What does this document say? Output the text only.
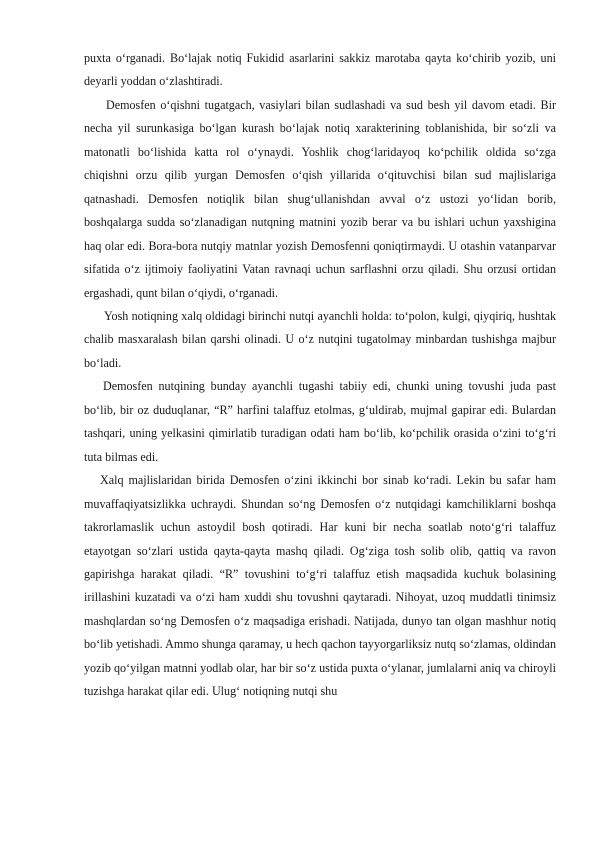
puxta o‘rganadi. Bo‘lajak notiq Fukidid asarlarini sakkiz marotaba qayta ko‘chirib yozib, uni deyarli yoddan o‘zlashtiradi.

Demosfen o‘qishni tugatgach, vasiylari bilan sudlashadi va sud besh yil davom etadi. Bir necha yil surunkasiga bo‘lgan kurash bo‘lajak notiq xarakterining toblanishida, bir so‘zli va matonatli bo‘lishida katta rol o‘ynaydi. Yoshlik chog‘laridayoq ko‘pchilik oldida so‘zga chiqishni orzu qilib yurgan Demosfen o‘qish yillarida o‘qituvchisi bilan sud majlislariga qatnashadi. Demosfen notiqlik bilan shug‘ullanishdan avval o‘z ustozi yo‘lidan borib, boshqalarga sudda so‘zlanadigan nutqning matnini yozib berar va bu ishlari uchun yaxshigina haq olar edi. Bora-bora nutqiy matnlar yozish Demosfenni qoniqtirmaydi. U otashin vatanparvar sifatida o‘z ijtimoiy faoliyatini Vatan ravnaqi uchun sarflashni orzu qiladi. Shu orzusi ortidan ergashadi, qunt bilan o‘qiydi, o‘rganadi.

Yosh notiqning xalq oldidagi birinchi nutqi ayanchli holda: to‘polon, kulgi, qiyqiriq, hushtak chalib masxaralash bilan qarshi olinadi. U o‘z nutqini tugatolmay minbardan tushishga majbur bo‘ladi.

Demosfen nutqining bunday ayanchli tugashi tabiiy edi, chunki uning tovushi juda past bo‘lib, bir oz duduqlanar, “R” harfini talaffuz etolmas, g‘uldirab, mujmal gapirar edi. Bulardan tashqari, uning yelkasini qimirlatib turadigan odati ham bo‘lib, ko‘pchilik orasida o‘zini to‘g‘ri tuta bilmas edi.

Xalq majlislaridan birida Demosfen o‘zini ikkinchi bor sinab ko‘radi. Lekin bu safar ham muvaffaqiyatsizlikka uchraydi. Shundan so‘ng Demosfen o‘z nutqidagi kamchiliklarni boshqa takrorlamaslik uchun astoydil bosh qotiradi. Har kuni bir necha soatlab noto‘g‘ri talaffuz etayotgan so‘zlari ustida qayta-qayta mashq qiladi. Og‘ziga tosh solib olib, qattiq va ravon gapirishga harakat qiladi. “R” tovushini to‘g‘ri talaffuz etish maqsadida kuchuk bolasining irillashini kuzatadi va o‘zi ham xuddi shu tovushni qaytaradi. Nihoyat, uzoq muddatli tinimsiz mashqlardan so‘ng Demosfen o‘z maqsadiga erishadi. Natijada, dunyo tan olgan mashhur notiq bo‘lib yetishadi. Ammo shunga qaramay, u hech qachon tayyorgarliksiz nutq so‘zlamas, oldindan yozib qo‘yilgan matnni yodlab olar, har bir so‘z ustida puxta o‘ylanar, jumlalarni aniq va chiroyli tuzishga harakat qilar edi. Ulug‘ notiqning nutqi shu
